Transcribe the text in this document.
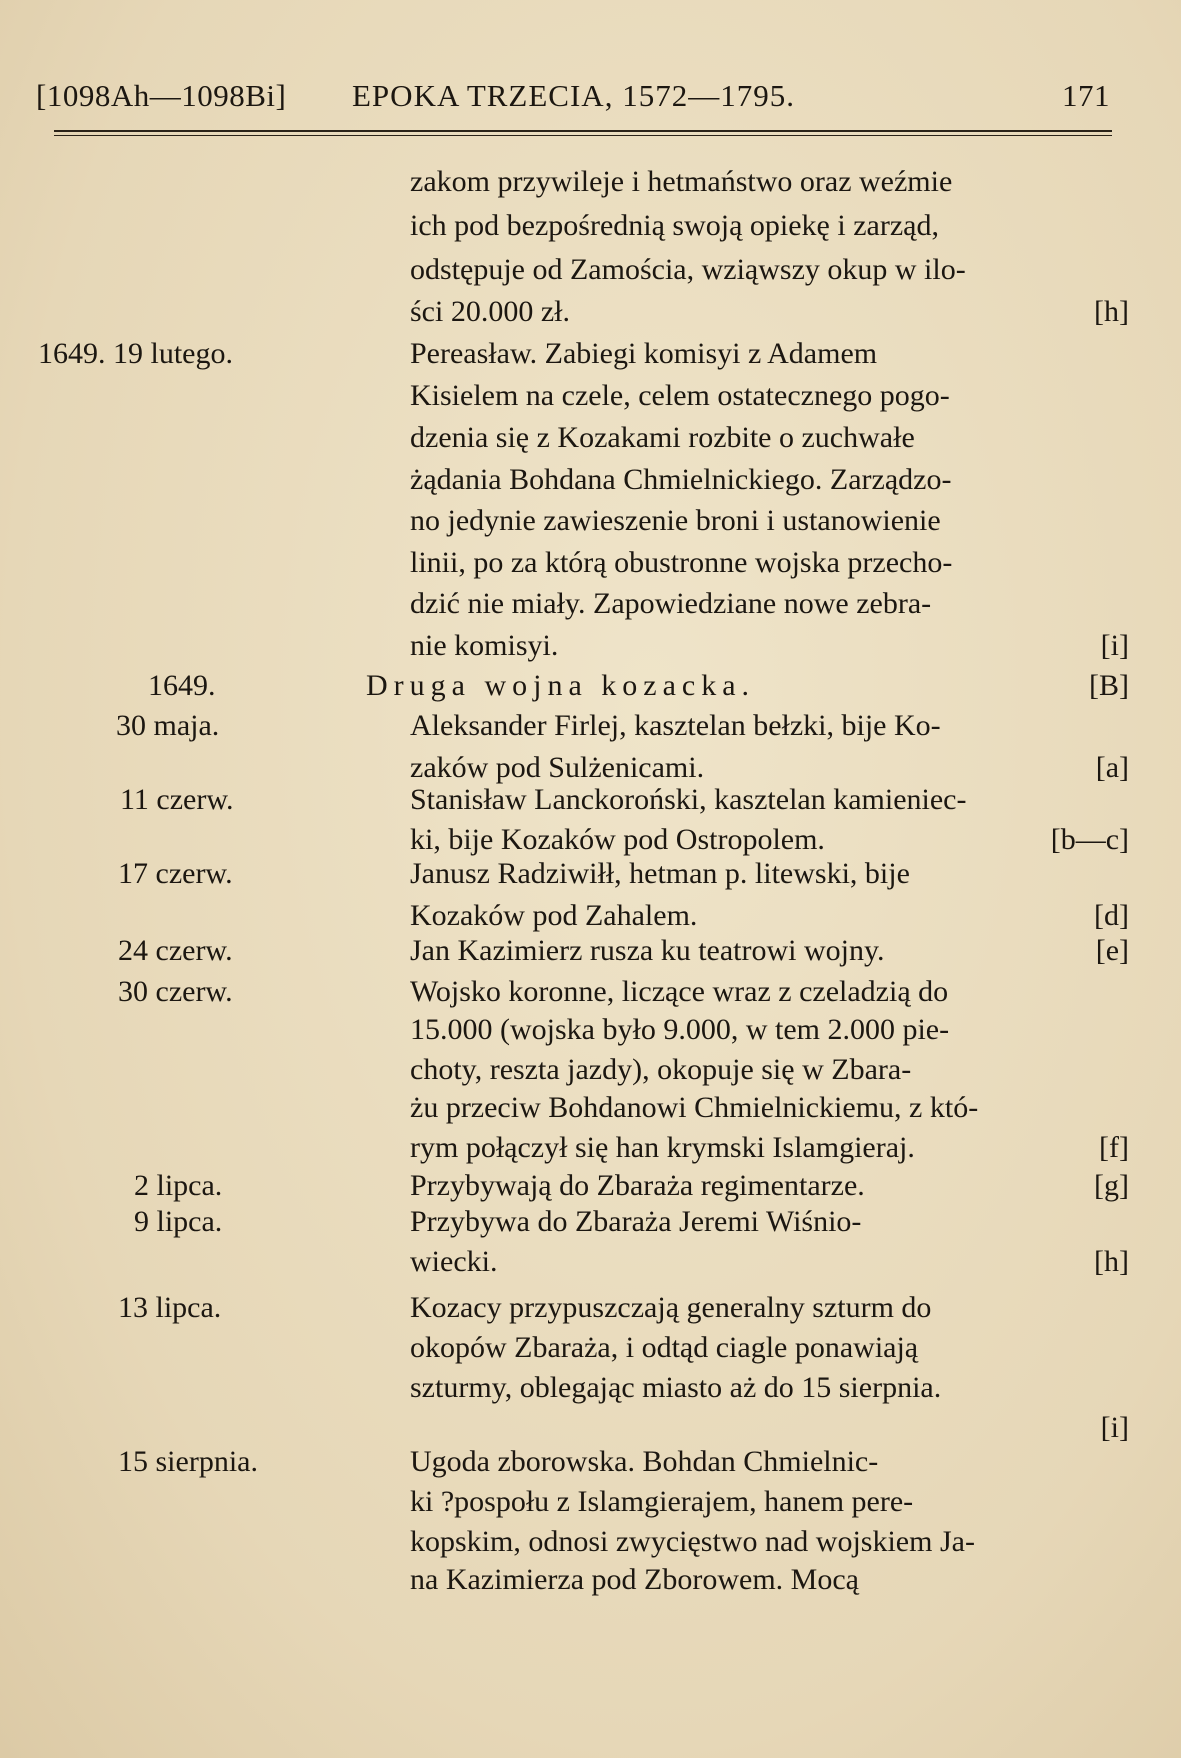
[1098Ah—1098Bi] EPOKA TRZECIA, 1572—1795.	171
zakom przywileje i hetmaństwo oraz weźmie
ich pod bezpośrednią swoją opiekę i zarząd,
odstępuje od Zamościa, wziąwszy okup w ilo-
ści 20.000 zł.	[h]
1649. 19 lutego.	Pereasław. Zabiegi komisyi z Adamem
Kisielem na czele, celem ostatecznego pogo-
dzenia się z Kozakami rozbite o zuchwałe
żądania Bohdana Chmielnickiego. Zarządzo-
no jedynie zawieszenie broni i ustanowienie
linii, po za którą obustronne wojska przecho-
dzić nie miały. Zapowiedziane nowe zebra-
nie komisyi.	[i]
1649.	Druga wojna kozacka.	[B]
30 maja.	Aleksander Firlej, kasztelan bełzki, bije Ko-
zaków pod Sulżenicami.	[a]
11 czerw.	Stanisław Lanckoroński, kasztelan kamieniec-
ki, bije Kozaków pod Ostropolem.	[b—c]
17 czerw.	Janusz Radziwiłł, hetman p. litewski, bije
Kozaków pod Zahalem.	[d]
24 czerw.	Jan Kazimierz rusza ku teatrowi wojny.	[e]
30 czerw.	Wojsko koronne, liczące wraz z czeladzią do
15.000 (wojska było 9.000, w tem 2.000 pie-
choty, reszta jazdy), okopuje się w Zbara-
żu przeciw Bohdanowi Chmielnickiemu, z któ-
rym połączył się han krymski Islamgieraj.	[f]
2 lipca.	Przybywają do Zbaraża regimentarze.	[g]
9 lipca.	Przybywa do Zbaraża Jeremi Wiśnio-
wiecki.	[h]
13 lipca.	Kozacy przypuszczają generalny szturm do
okopów Zbaraża, i odtąd ciagle ponawiają
szturmy, oblegając miasto aż do 15 sierpnia.
[i]
15 sierpnia.	Ugoda zborowska. Bohdan Chmielnic-
ki ?pospołu z Islamgierajem, hanem pere-
kopskim, odnosi zwycięstwo nad wojskiem Ja-
na Kazimierza pod Zborowem. Mocą
